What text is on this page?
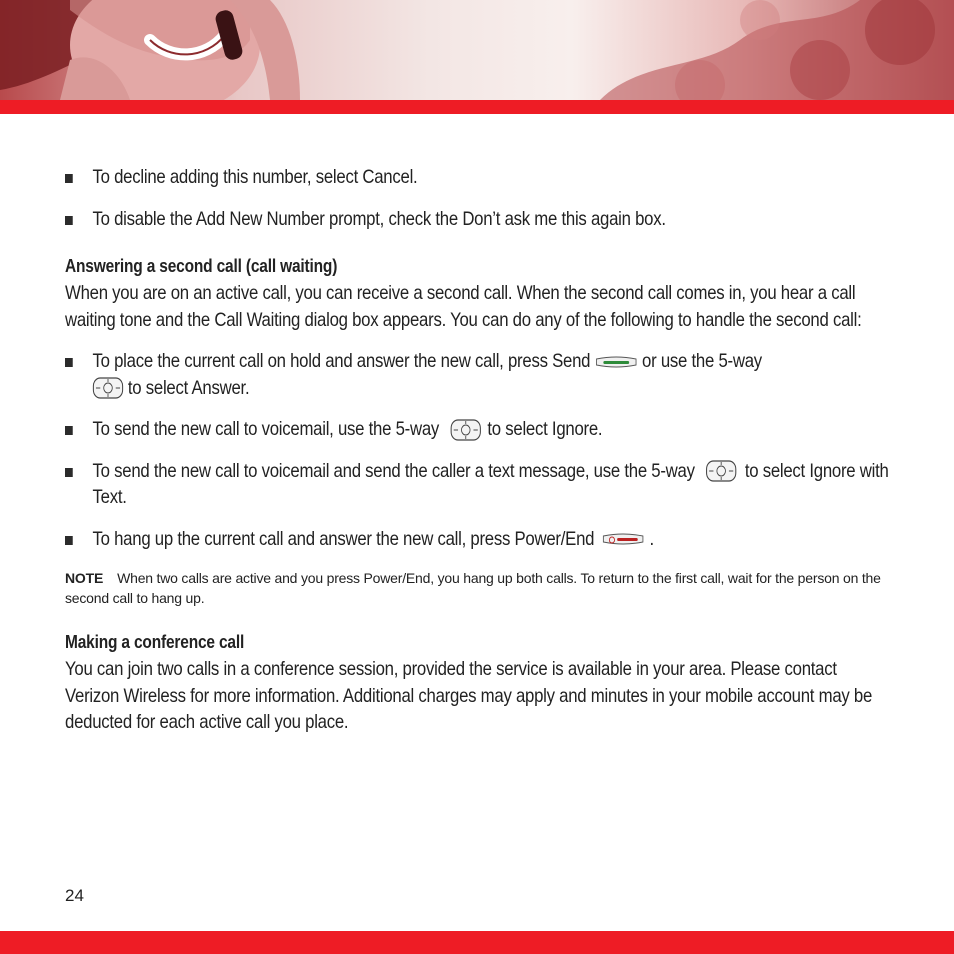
To decline adding this number, select Cancel.

To disable the Add New Number prompt, check the Don’t ask me this again box.

Answering a second call (call waiting)

When you are on an active call, you can receive a second call. When the second call comes in, you hear a call waiting tone and the Call Waiting dialog box appears. You can do any of the following to handle the second call:

To place the current call on hold and answer the new call, press Send	or use the 5-way
to select Answer.

To send the new call to voicemail, use the 5-way to select Ignore.

To send the new call to voicemail and send the caller a text message, use the 5-way	to select Ignore with Text.

To hang up the current call and answer the new call, press Power/End	.

NOTE When two calls are active and you press Power/End, you hang up both calls. To return to the first call, wait for the person on the second call to hang up.

Making a conference call

You can join two calls in a conference session, provided the service is available in your area. Please contact Verizon Wireless for more information. Additional charges may apply and minutes in your mobile account may be deducted for each active call you place.

24
